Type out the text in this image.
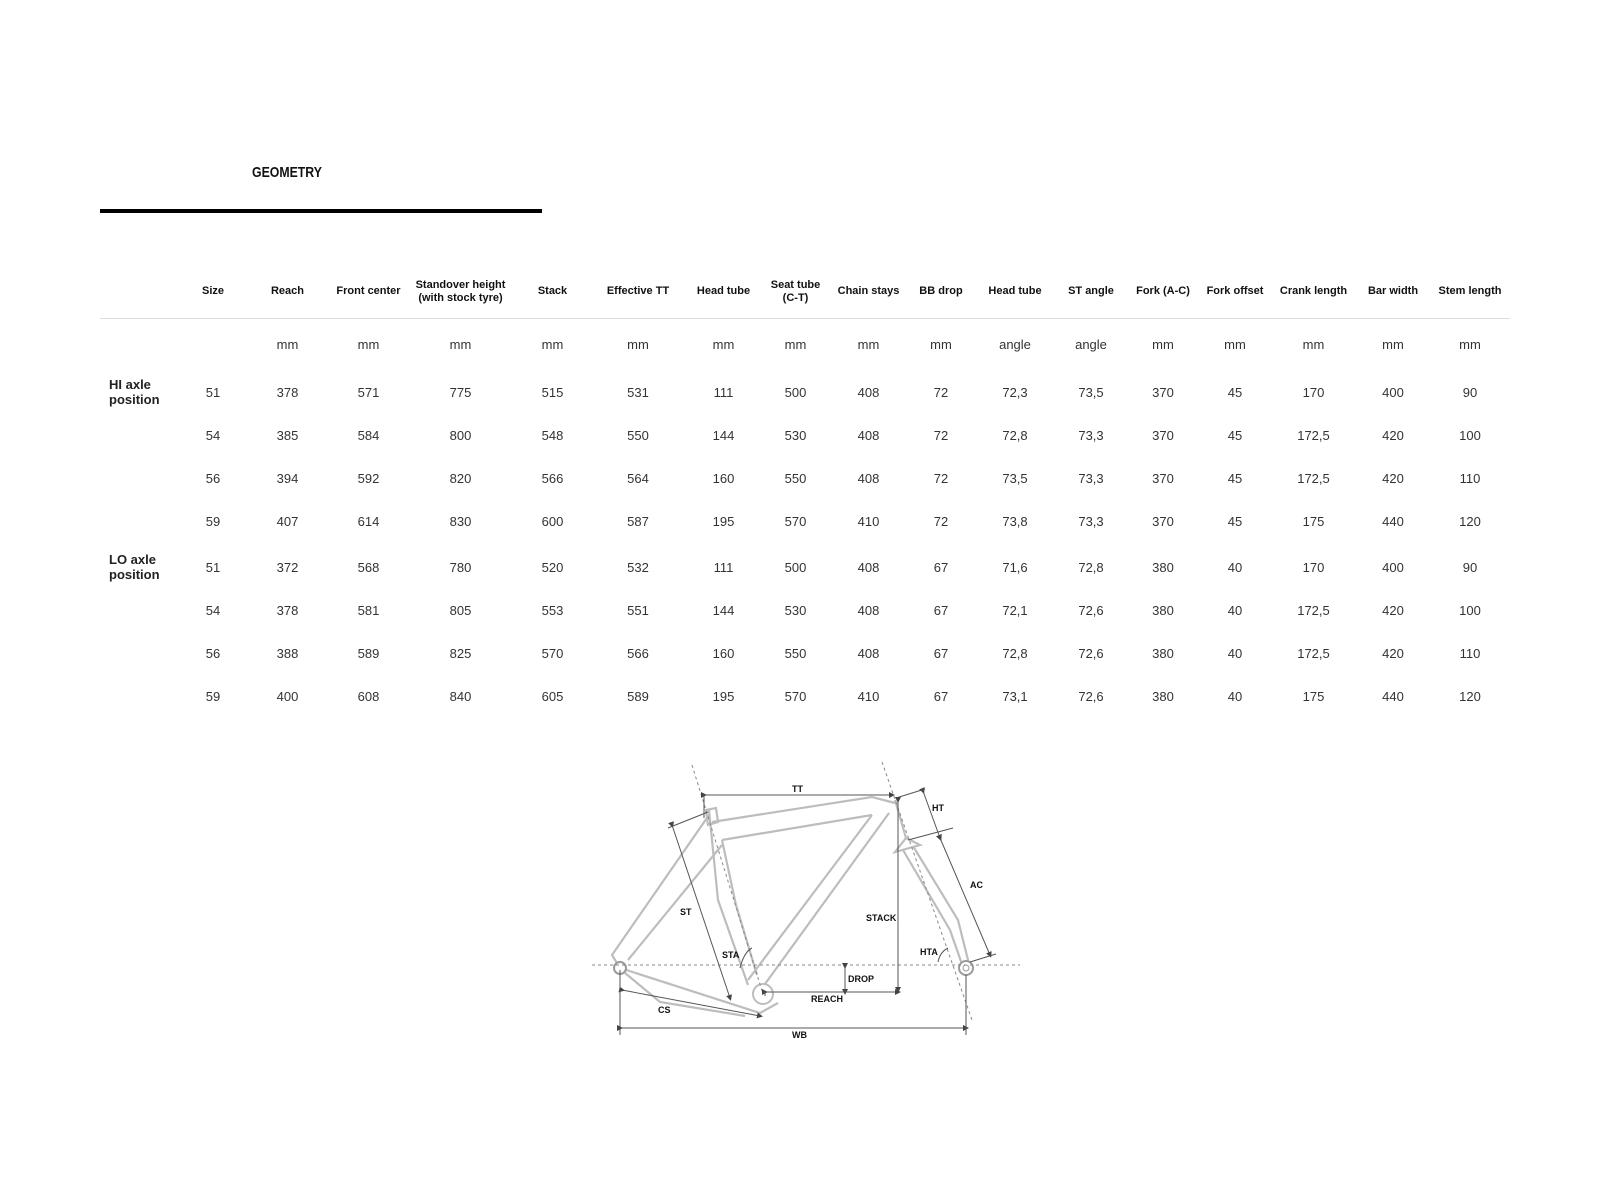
GEOMETRY
	Size	Reach	Front center	Standover height (with stock tyre)	Stack	Effective TT	Head tube	Seat tube (C-T)	Chain stays	BB drop	Head tube	ST angle	Fork (A-C)	Fork offset	Crank length	Bar width	Stem length
		mm	mm	mm	mm	mm	mm	mm	mm	mm	angle	angle	mm	mm	mm	mm	mm
HI axle position	51	378	571	775	515	531	111	500	408	72	72,3	73,5	370	45	170	400	90
	54	385	584	800	548	550	144	530	408	72	72,8	73,3	370	45	172,5	420	100
	56	394	592	820	566	564	160	550	408	72	73,5	73,3	370	45	172,5	420	110
	59	407	614	830	600	587	195	570	410	72	73,8	73,3	370	45	175	440	120
LO axle position	51	372	568	780	520	532	111	500	408	67	71,6	72,8	380	40	170	400	90
	54	378	581	805	553	551	144	530	408	67	72,1	72,6	380	40	172,5	420	100
	56	388	589	825	570	566	160	550	408	67	72,8	72,6	380	40	172,5	420	110
	59	400	608	840	605	589	195	570	410	67	73,1	72,6	380	40	175	440	120
TT
HT
AC
ST
STACK
STA	HTA
DROP
REACH
CS
WB
